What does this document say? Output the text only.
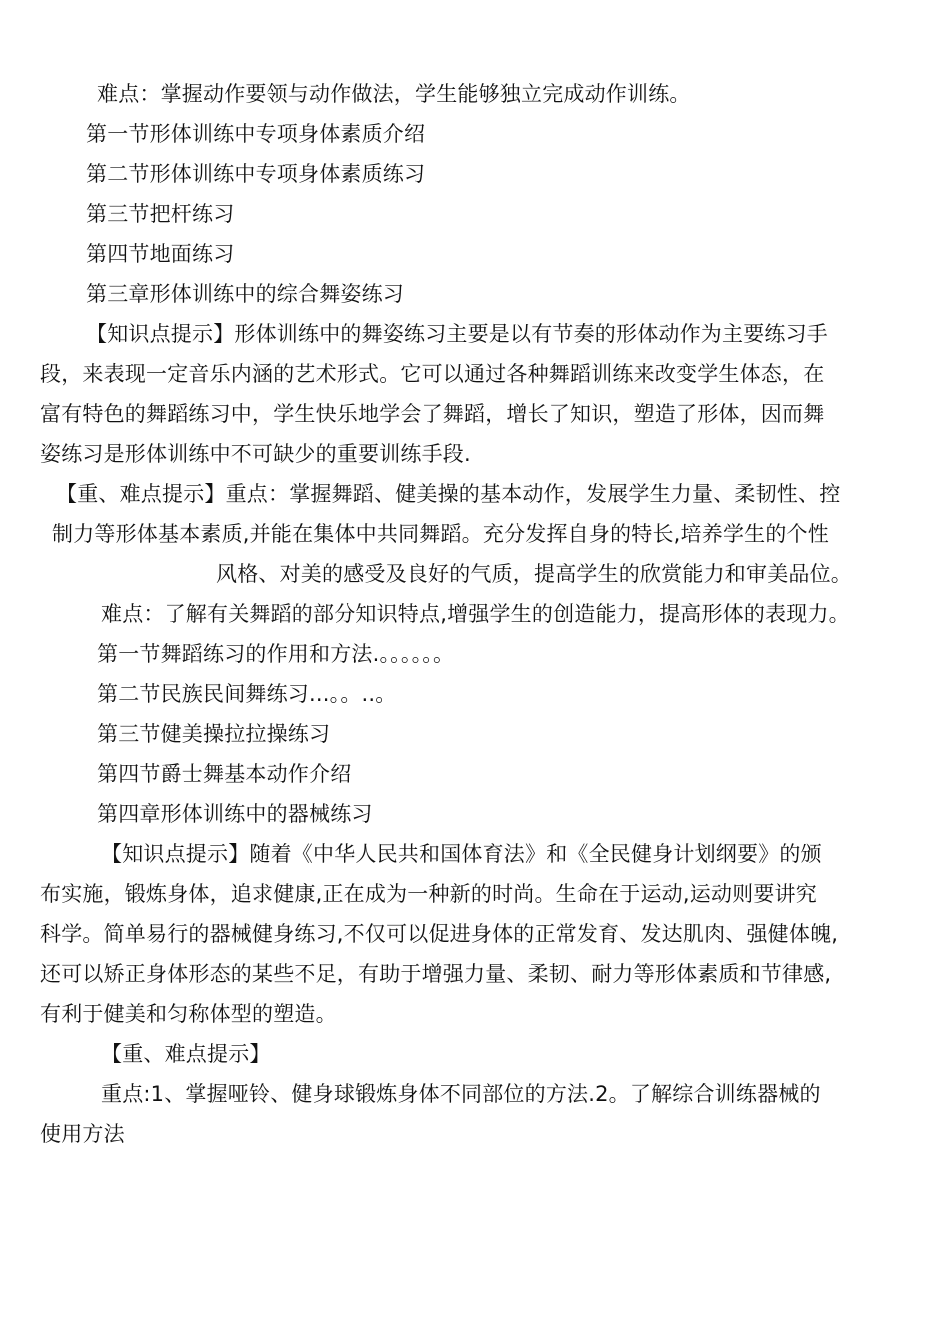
难点：掌握动作要领与动作做法，学生能够独立完成动作训练。
第一节形体训练中专项身体素质介绍
第二节形体训练中专项身体素质练习
第三节把杆练习
第四节地面练习
第三章形体训练中的综合舞姿练习
【知识点提示】形体训练中的舞姿练习主要是以有节奏的形体动作为主要练习手
段，来表现一定音乐内涵的艺术形式。它可以通过各种舞蹈训练来改变学生体态，在
富有特色的舞蹈练习中，学生快乐地学会了舞蹈，增长了知识，塑造了形体，因而舞
姿练习是形体训练中不可缺少的重要训练手段.
【重、难点提示】重点：掌握舞蹈、健美操的基本动作，发展学生力量、柔韧性、控
制力等形体基本素质,并能在集体中共同舞蹈。充分发挥自身的特长,培养学生的个性
风格、对美的感受及良好的气质，提高学生的欣赏能力和审美品位。
难点：了解有关舞蹈的部分知识特点,增强学生的创造能力，提高形体的表现力。
第一节舞蹈练习的作用和方法.。。。。。。
第二节民族民间舞练习...。。..。
第三节健美操拉拉操练习
第四节爵士舞基本动作介绍
第四章形体训练中的器械练习
【知识点提示】随着《中华人民共和国体育法》和《全民健身计划纲要》的颁
布实施，锻炼身体，追求健康,正在成为一种新的时尚。生命在于运动,运动则要讲究
科学。简单易行的器械健身练习,不仅可以促进身体的正常发育、发达肌肉、强健体魄,
还可以矫正身体形态的某些不足，有助于增强力量、柔韧、耐力等形体素质和节律感,
有利于健美和匀称体型的塑造。
【重、难点提示】
重点:1、掌握哑铃、健身球锻炼身体不同部位的方法.2。了解综合训练器械的
使用方法
